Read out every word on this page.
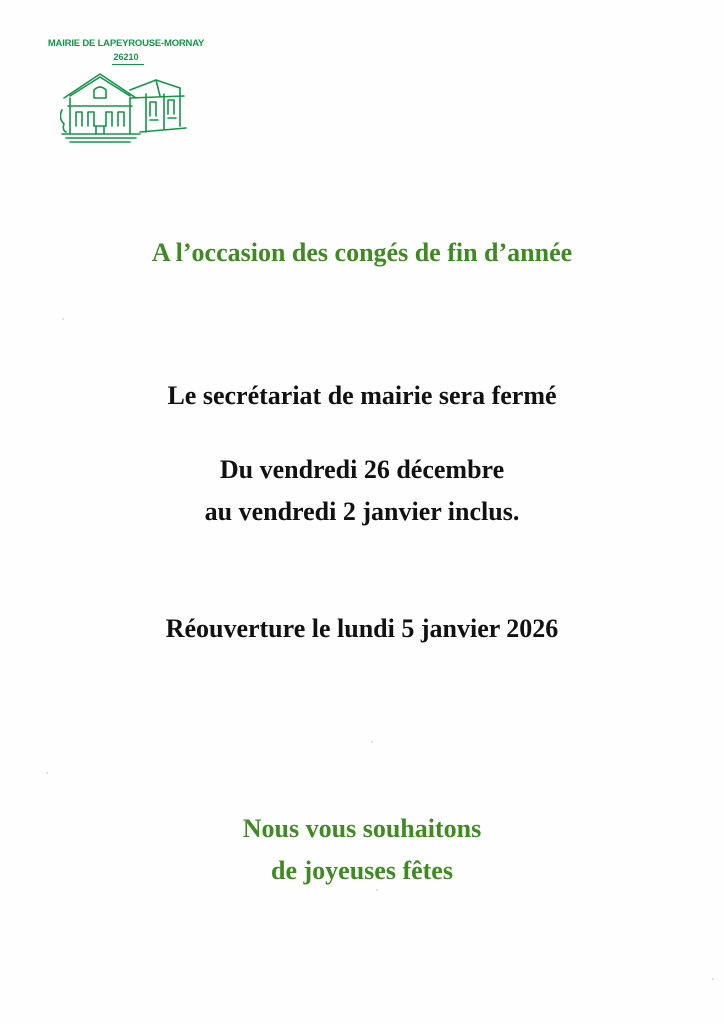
MAIRIE DE LAPEYROUSE-MORNAY
26210
A l’occasion des congés de fin d’année
Le secrétariat de mairie sera fermé
Du vendredi 26 décembre
au vendredi 2 janvier inclus.
Réouverture le lundi 5 janvier 2026
Nous vous souhaitons
de joyeuses fêtes
